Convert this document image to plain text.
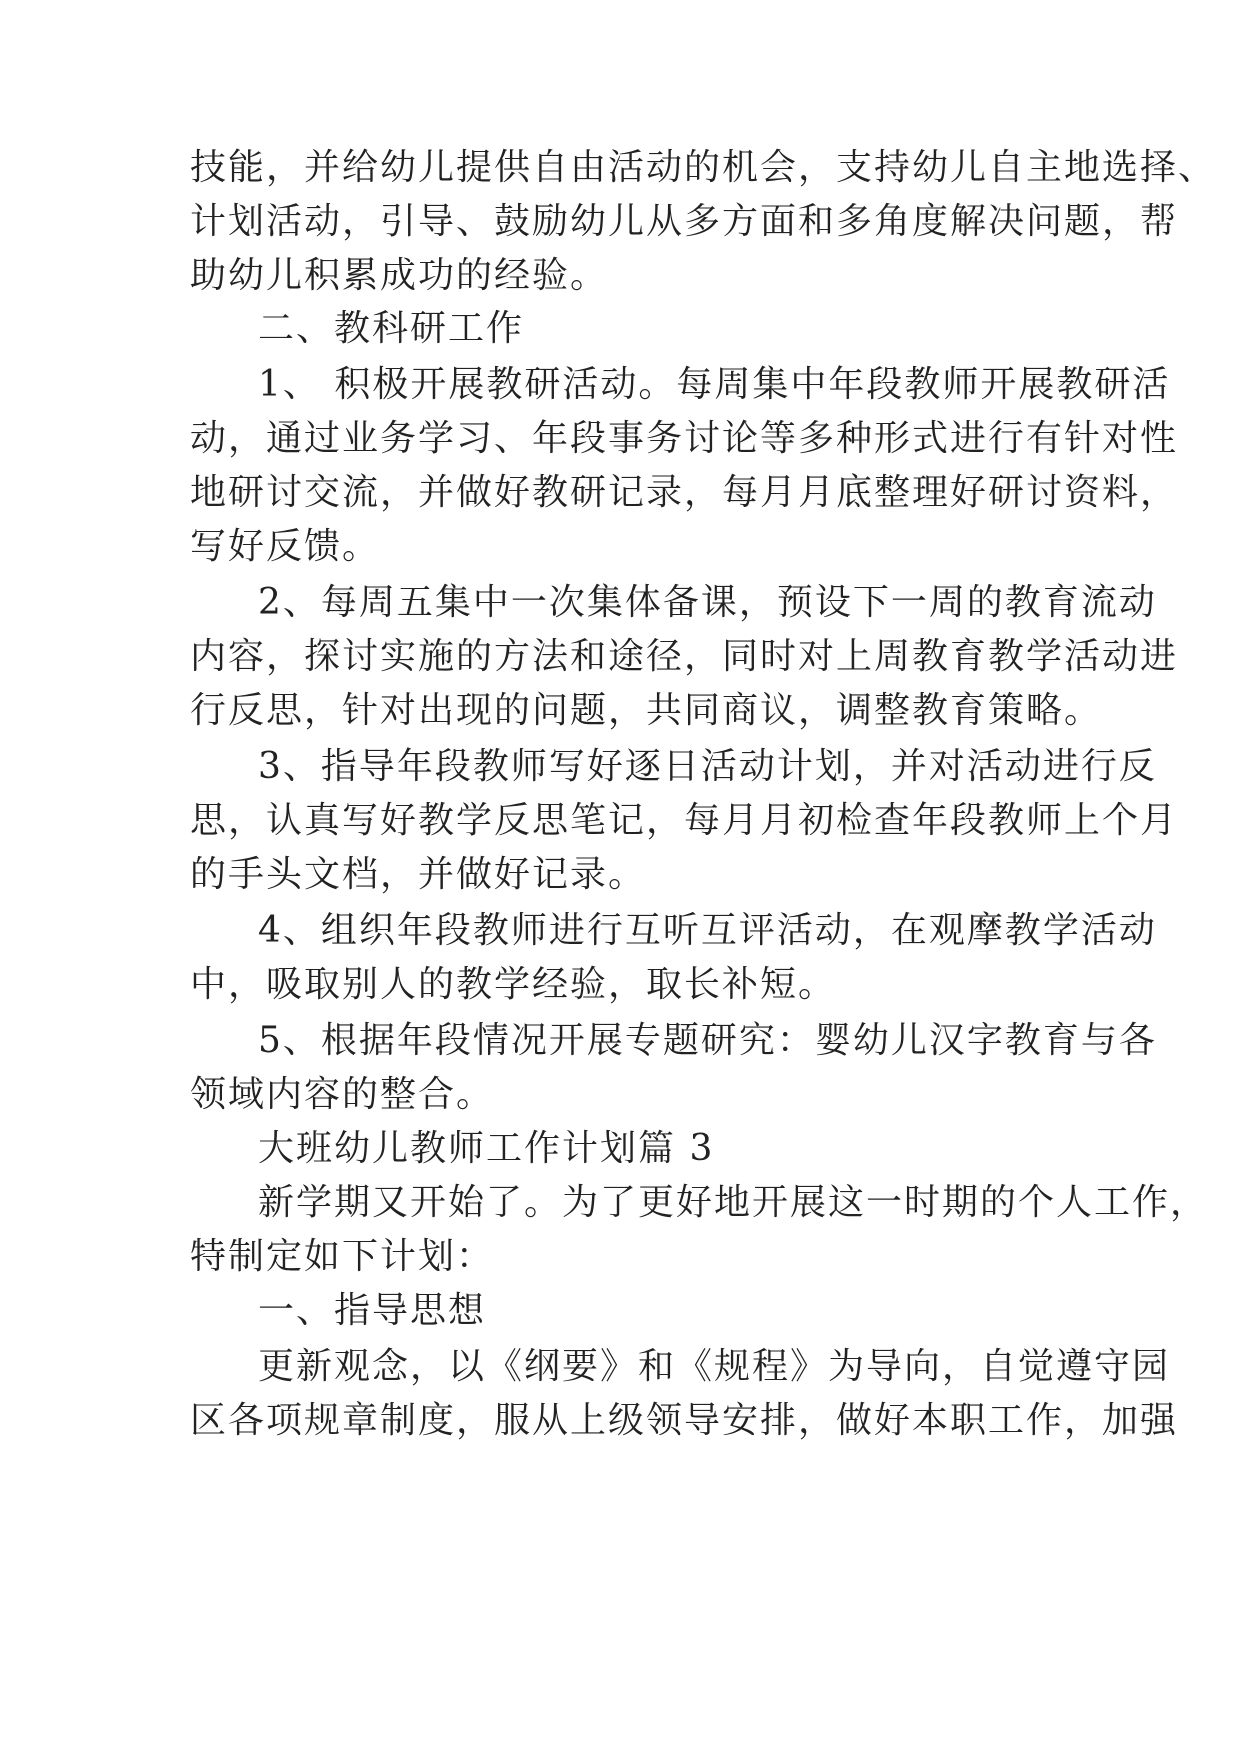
技能，并给幼儿提供自由活动的机会，支持幼儿自主地选择、
计划活动，引导、鼓励幼儿从多方面和多角度解决问题，帮
助幼儿积累成功的经验。
二、教科研工作
1、 积极开展教研活动。每周集中年段教师开展教研活
动，通过业务学习、年段事务讨论等多种形式进行有针对性
地研讨交流，并做好教研记录，每月月底整理好研讨资料，
写好反馈。
2、每周五集中一次集体备课，预设下一周的教育流动
内容，探讨实施的方法和途径，同时对上周教育教学活动进
行反思，针对出现的问题，共同商议，调整教育策略。
3、指导年段教师写好逐日活动计划，并对活动进行反
思，认真写好教学反思笔记，每月月初检查年段教师上个月
的手头文档，并做好记录。
4、组织年段教师进行互听互评活动，在观摩教学活动
中，吸取别人的教学经验，取长补短。
5、根据年段情况开展专题研究：婴幼儿汉字教育与各
领域内容的整合。
大班幼儿教师工作计划篇 3
新学期又开始了。为了更好地开展这一时期的个人工作，
特制定如下计划：
一、指导思想
更新观念，以《纲要》和《规程》为导向，自觉遵守园
区各项规章制度，服从上级领导安排，做好本职工作，加强
